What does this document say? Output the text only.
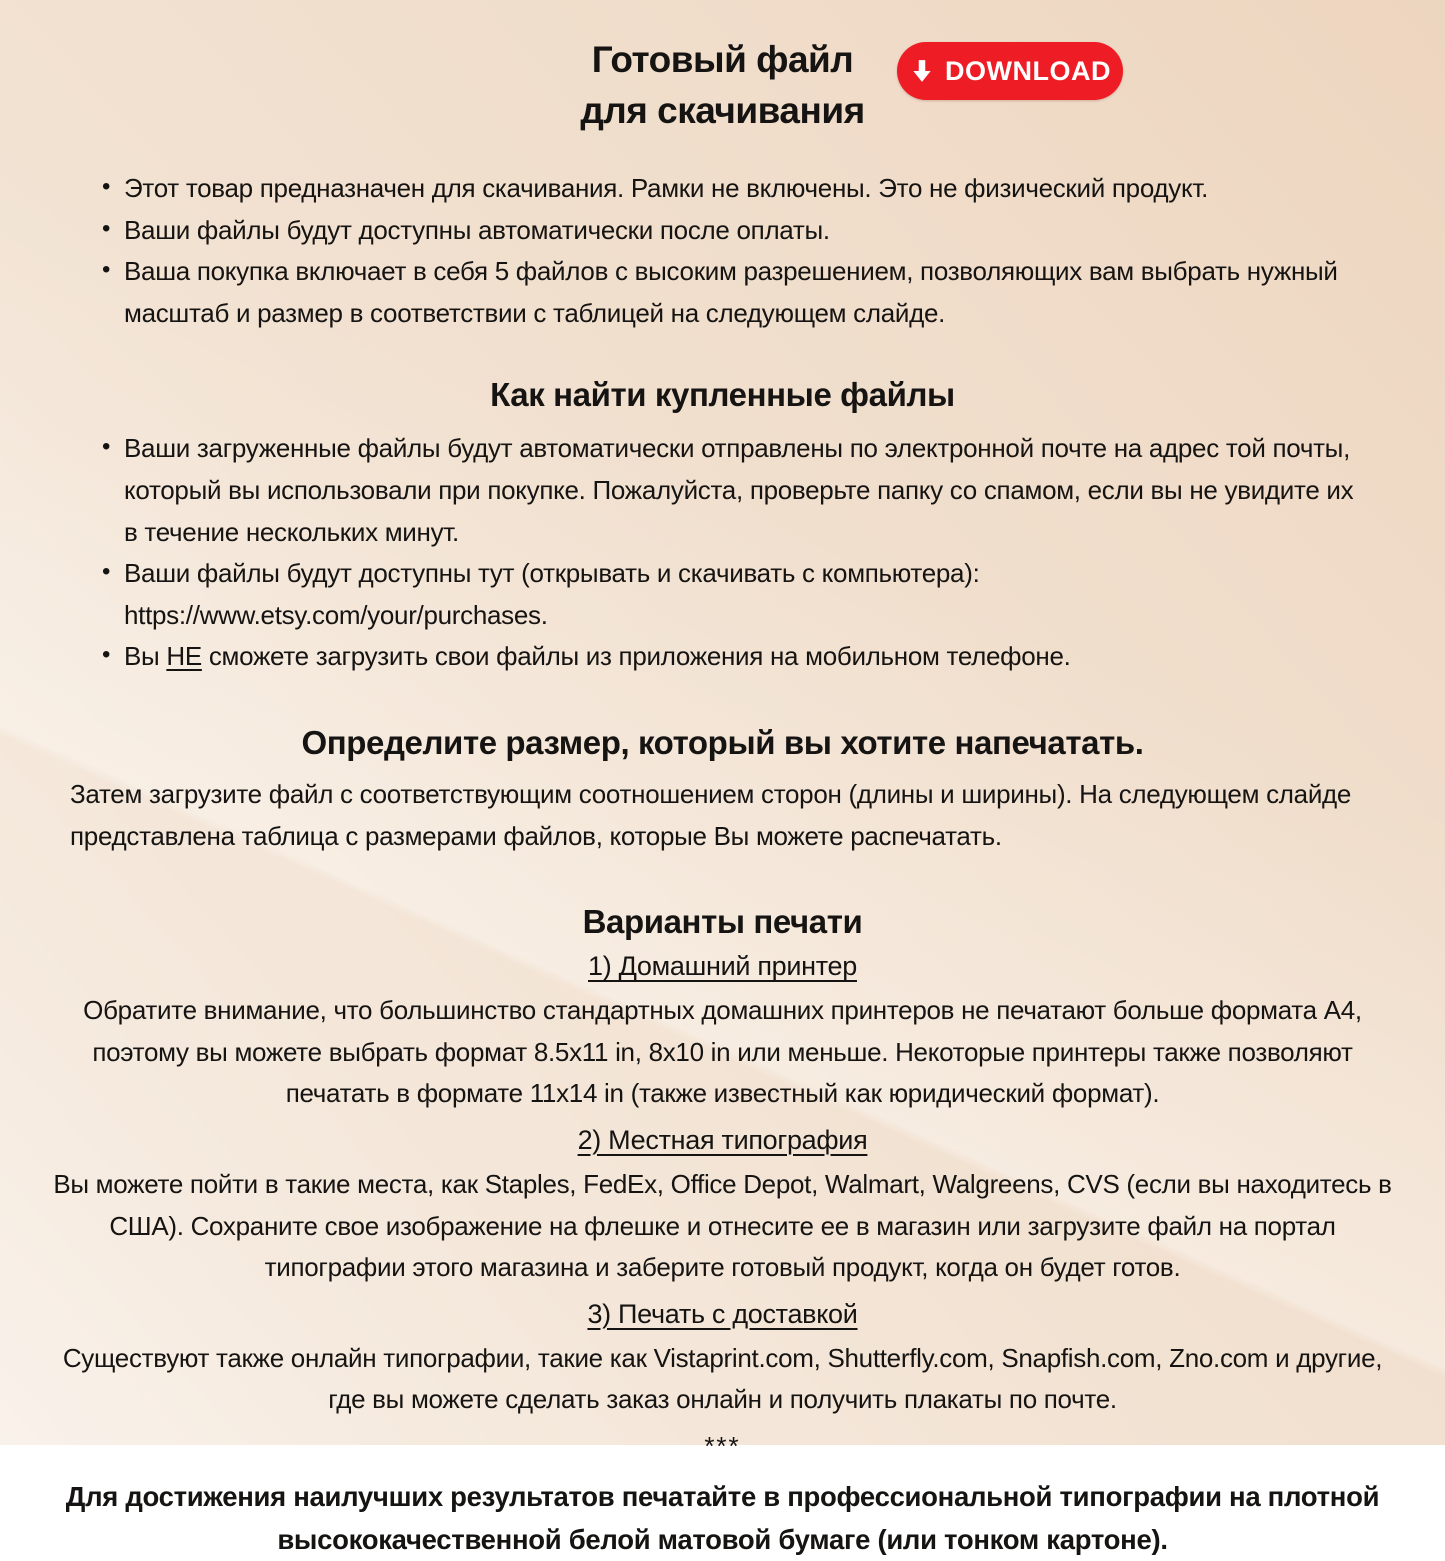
Готовый файл
для скачивания
DOWNLOAD
• Этот товар предназначен для скачивания. Рамки не включены. Это не физический продукт.
• Ваши файлы будут доступны автоматически после оплаты.
• Ваша покупка включает в себя 5 файлов с высоким разрешением, позволяющих вам выбрать нужный масштаб и размер в соответствии с таблицей на следующем слайде.
Как найти купленные файлы
• Ваши загруженные файлы будут автоматически отправлены по электронной почте на адрес той почты, который вы использовали при покупке. Пожалуйста, проверьте папку со спамом, если вы не увидите их в течение нескольких минут.
• Ваши файлы будут доступны тут (открывать и скачивать с компьютера):
https://www.etsy.com/your/purchases.
• Вы НЕ сможете загрузить свои файлы из приложения на мобильном телефоне.
Определите размер, который вы хотите напечатать.

Затем загрузите файл с соответствующим соотношением сторон (длины и ширины). На следующем слайде представлена таблица с размерами файлов, которые Вы можете распечатать.

Варианты печати
1) Домашний принтер

Обратите внимание, что большинство стандартных домашних принтеров не печатают больше формата А4, поэтому вы можете выбрать формат 8.5x11 in, 8x10 in или меньше. Некоторые принтеры также позволяют печатать в формате 11x14 in (также известный как юридический формат).

2) Местная типография

Вы можете пойти в такие места, как Staples, FedEx, Office Depot, Walmart, Walgreens, CVS (если вы находитесь в США). Сохраните свое изображение на флешке и отнесите ее в магазин или загрузите файл на портал типографии этого магазина и заберите готовый продукт, когда он будет готов.

3) Печать с доставкой

Существуют также онлайн типографии, такие как Vistaprint.com, Shutterfly.com, Snapfish.com, Zno.com и другие, где вы можете сделать заказ онлайн и получить плакаты по почте.

***

Для достижения наилучших результатов печатайте в профессиональной типографии на плотной высококачественной белой матовой бумаге (или тонком картоне).
